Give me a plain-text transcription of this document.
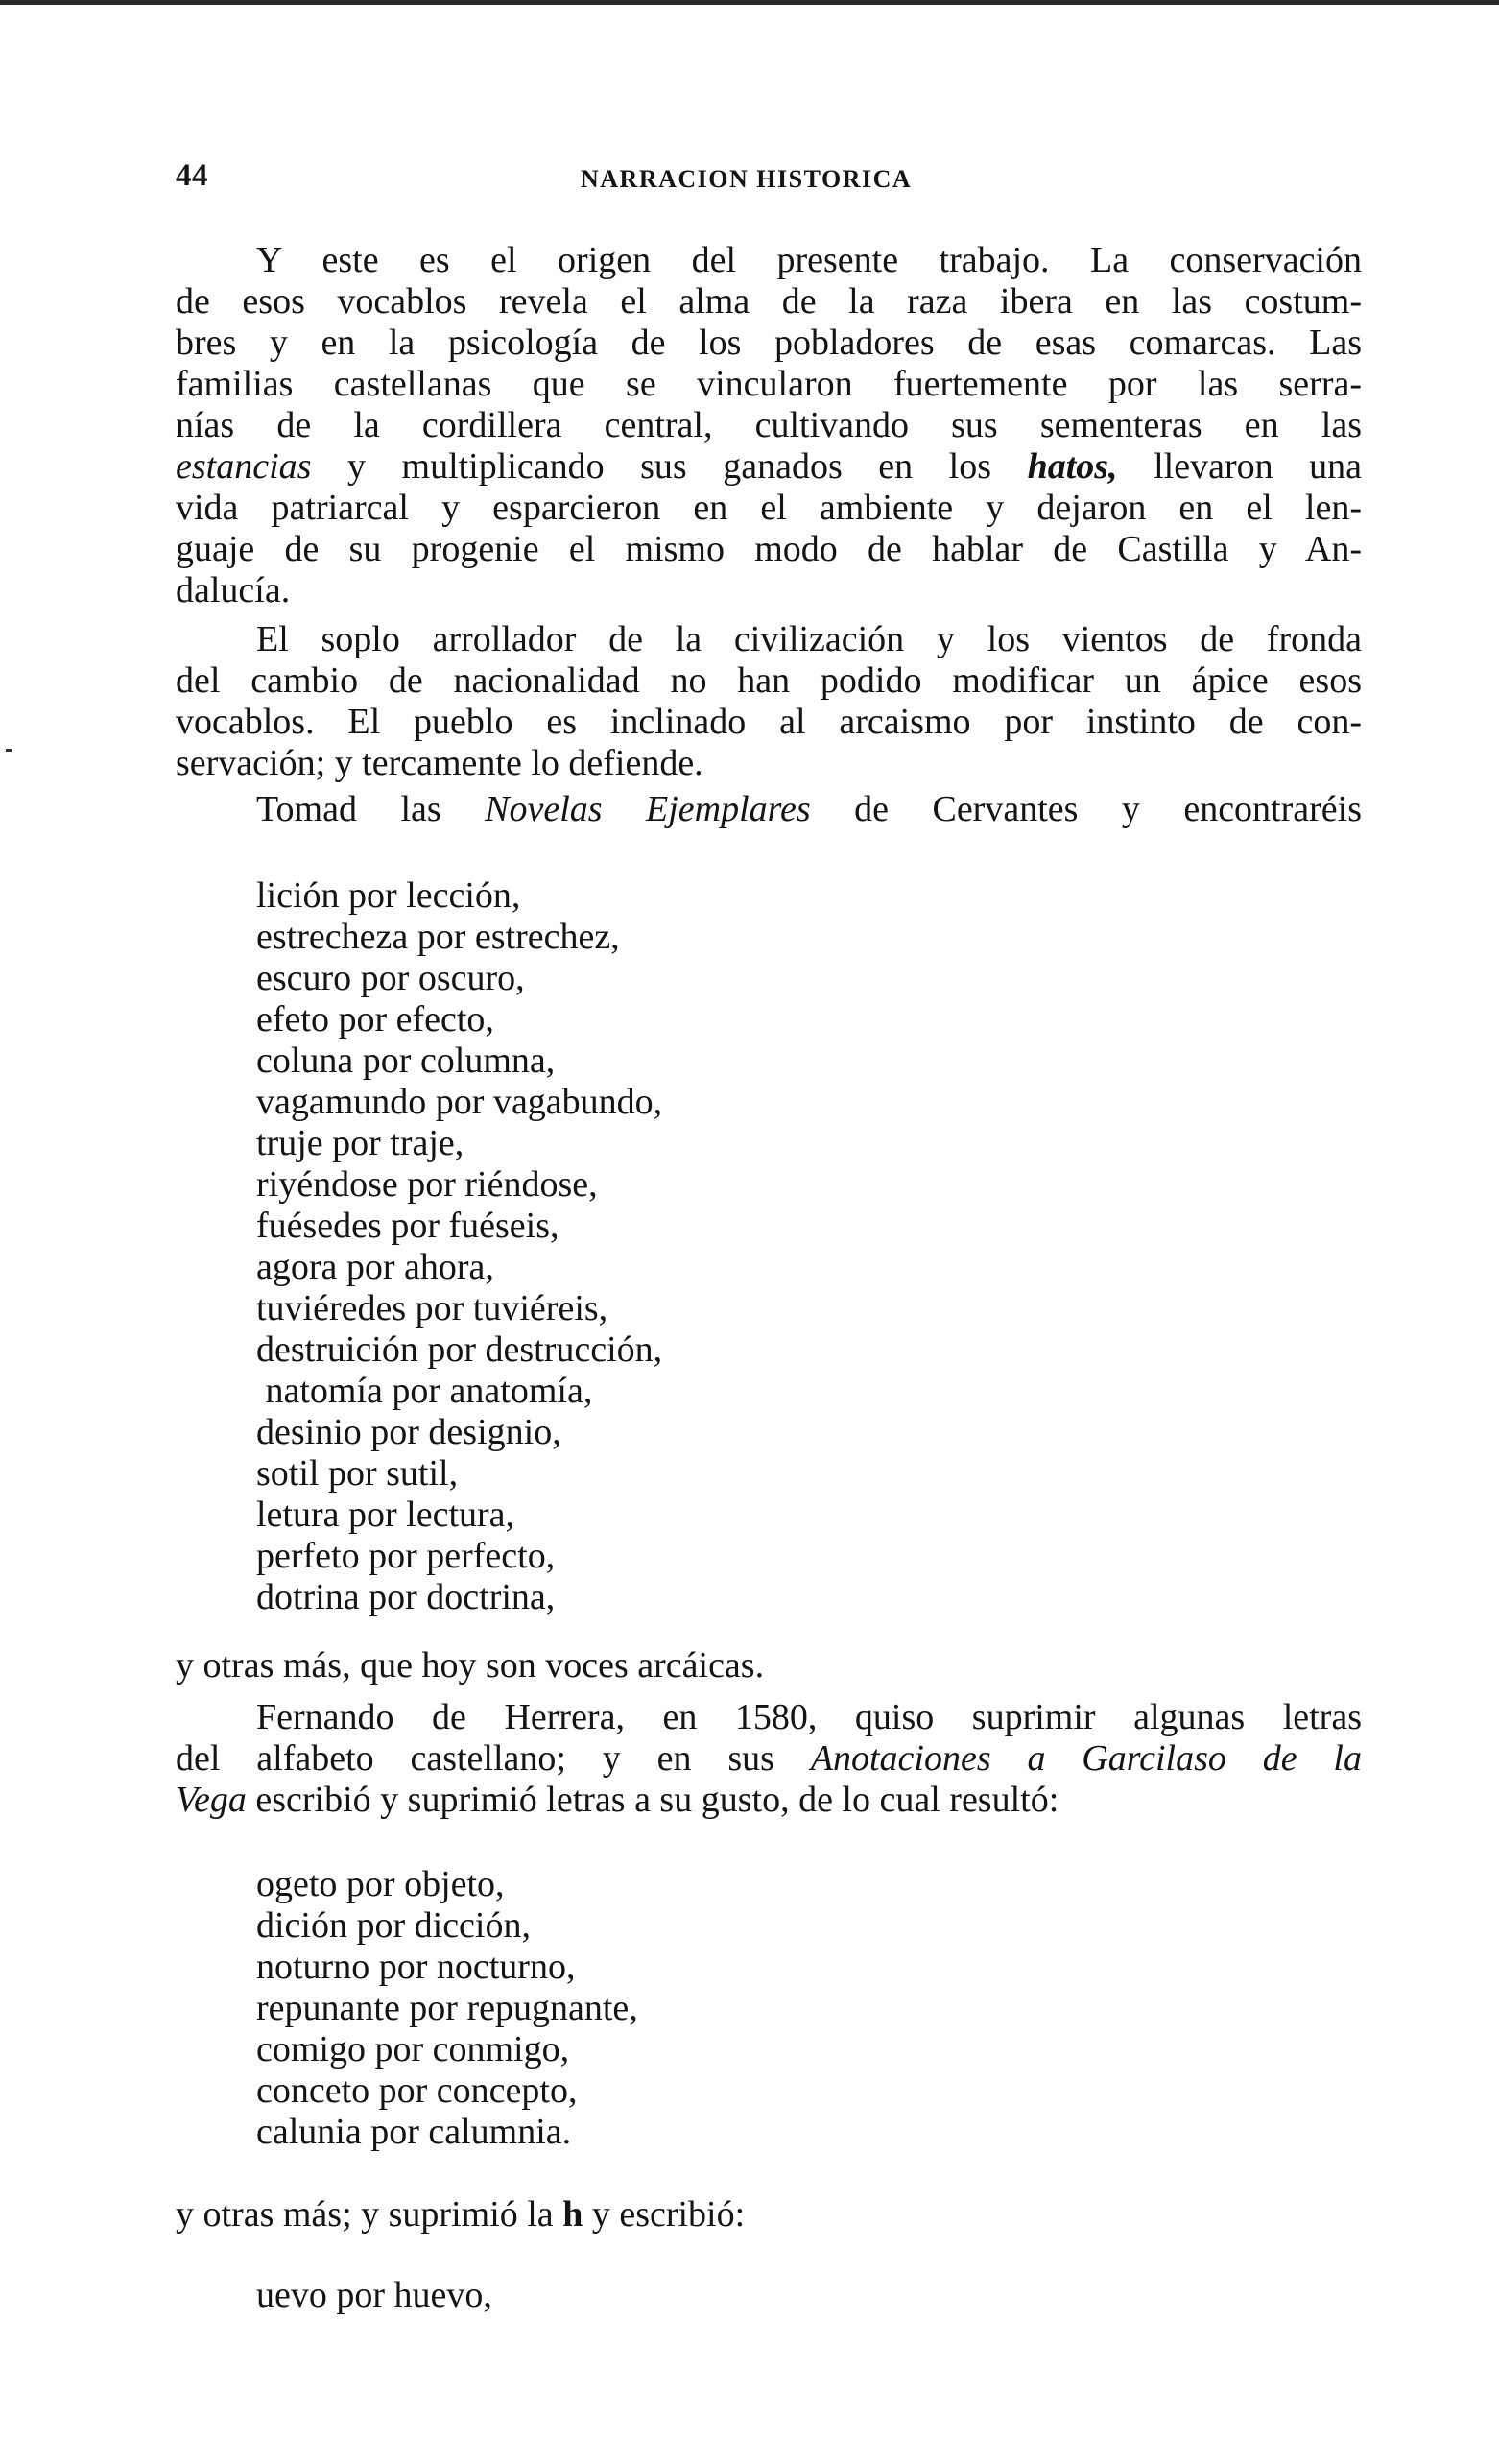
44	NARRACION HISTORICA
Y este es el origen del presente trabajo. La conservación
de esos vocablos revela el alma de la raza ibera en las costum-
bres y en la psicología de los pobladores de esas comarcas. Las
familias castellanas que se vincularon fuertemente por las serra-
nías de la cordillera central, cultivando sus sementeras en las
estancias y multiplicando sus ganados en los hatos, llevaron una
vida patriarcal y esparcieron en el ambiente y dejaron en el len-
guaje de su progenie el mismo modo de hablar de Castilla y An-
dalucía.
El soplo arrollador de la civilización y los vientos de fronda
del cambio de nacionalidad no han podido modificar un ápice esos
vocablos. El pueblo es inclinado al arcaismo por instinto de con-
servación; y tercamente lo defiende.
Tomad las Novelas Ejemplares de Cervantes y encontraréis
lición por lección,
estrecheza por estrechez,
escuro por oscuro,
efeto por efecto,
coluna por columna,
vagamundo por vagabundo,
truje por traje,
riyéndose por riéndose,
fuésedes por fuéseis,
agora por ahora,
tuviéredes por tuviéreis,
destruición por destrucción,
natomía por anatomía,
desinio por designio,
sotil por sutil,
letura por lectura,
perfeto por perfecto,
dotrina por doctrina,
y otras más, que hoy son voces arcáicas.
Fernando de Herrera, en 1580, quiso suprimir algunas letras
del alfabeto castellano; y en sus Anotaciones a Garcilaso de la
Vega escribió y suprimió letras a su gusto, de lo cual resultó:
ogeto por objeto,
dición por dicción,
noturno por nocturno,
repunante por repugnante,
comigo por conmigo,
conceto por concepto,
calunia por calumnia.
y otras más; y suprimió la h y escribió:
uevo por huevo,
